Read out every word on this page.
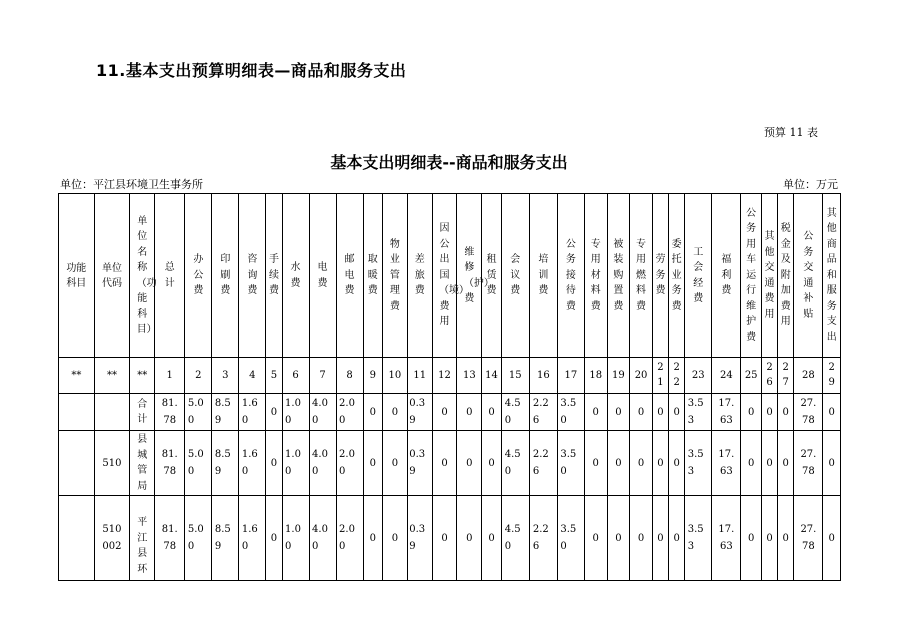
11.基本支出预算明细表—商品和服务支出
预算 11 表
基本支出明细表--商品和服务支出
单位：平江县环境卫生事务所	单位：万元
功能科目	单位代码	单位名称（功能科目）	总计	办公费	印刷费	咨询费	手续费	水费	电费	邮电费	取暖费	物业管理费	差旅费	因公出国（境）费用	维修（护）费	租赁费	会议费	培训费	公务接待费	专用材料费	被装购置费	专用燃料费	劳务费	委托业务费	工会经费	福利费	公务用车运行维护费	其他交通费用	税金及附加费用	公务交通补贴	其他商品和服务支出
**	**	**	1	2	3	4	5	6	7	8	9	10	11	12	13	14	15	16	17	18	19	20	21	22	23	24	25	26	27	28	29
		合计	81.78	5.00	8.59	1.60	0	1.00	4.00	2.00	0	0	0.39	0	0	0	4.50	2.26	3.50	0	0	0	0	0	3.53	17.63	0	0	0	27.78	0
	510	县城管局	81.78	5.00	8.59	1.60	0	1.00	4.00	2.00	0	0	0.39	0	0	0	4.50	2.26	3.50	0	0	0	0	0	3.53	17.63	0	0	0	27.78	0
	510002	平江县环	81.78	5.00	8.59	1.60	0	1.00	4.00	2.00	0	0	0.39	0	0	0	4.50	2.26	3.50	0	0	0	0	0	3.53	17.63	0	0	0	27.78	0
